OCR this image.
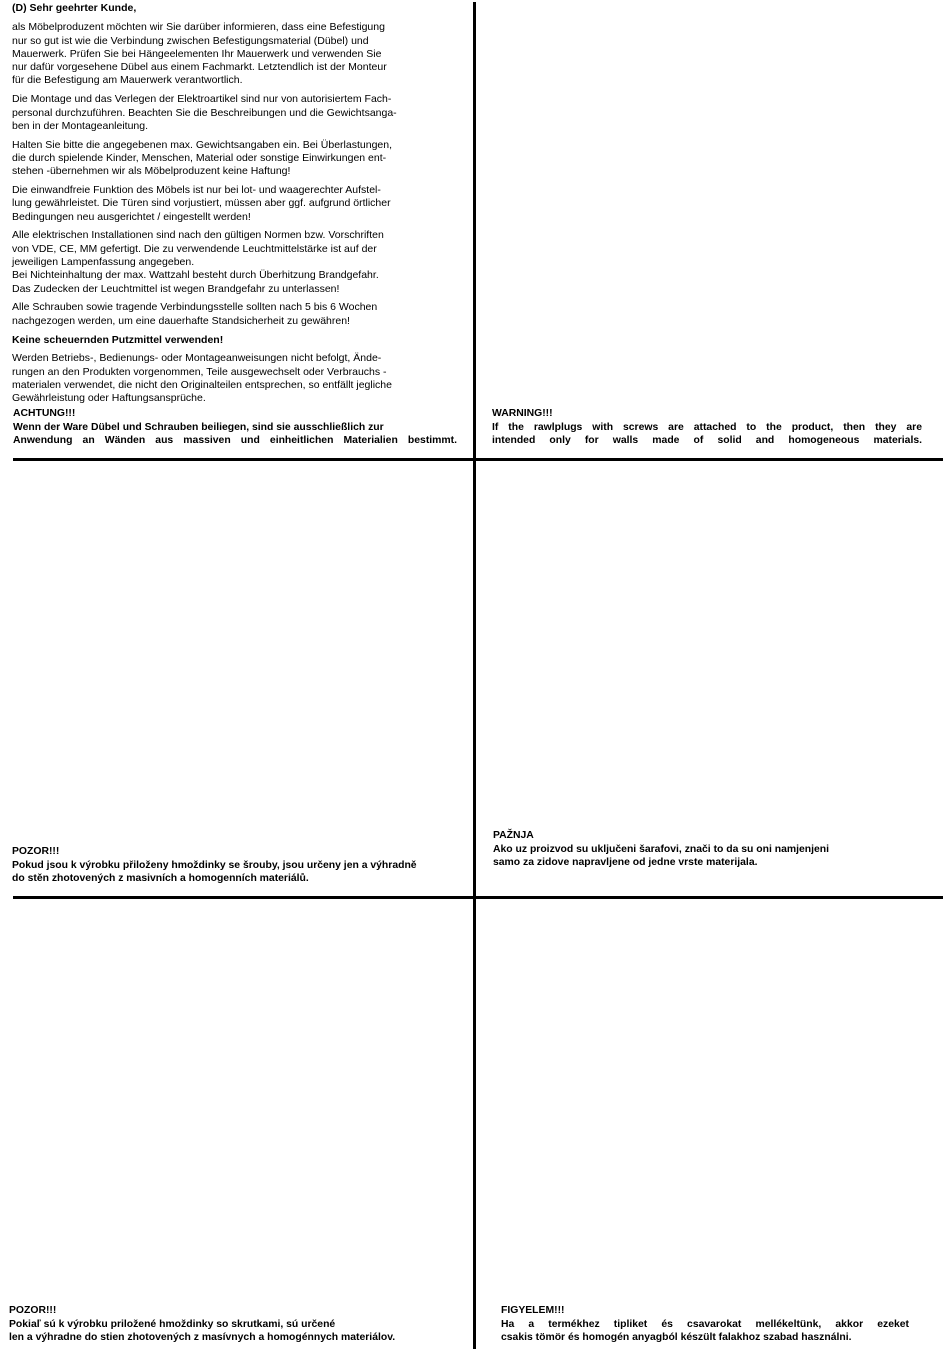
(D) Sehr geehrter Kunde,

als Möbelproduzent möchten wir Sie darüber informieren, dass eine Befestigung
nur so gut ist wie die Verbindung zwischen Befestigungsmaterial (Dübel) und
Mauerwerk. Prüfen Sie bei Hängeelementen Ihr Mauerwerk und verwenden Sie
nur dafür vorgesehene Dübel aus einem Fachmarkt. Letztendlich ist der Monteur
für die Befestigung am Mauerwerk verantwortlich.

Die Montage und das Verlegen der Elektroartikel sind nur von autorisiertem Fach-
personal durchzuführen. Beachten Sie die Beschreibungen und die Gewichtsanga-
ben in der Montageanleitung.

Halten Sie bitte die angegebenen max. Gewichtsangaben ein. Bei Überlastungen,
die durch spielende Kinder, Menschen, Material oder sonstige Einwirkungen ent-
stehen -übernehmen wir als Möbelproduzent keine Haftung!

Die einwandfreie Funktion des Möbels ist nur bei lot- und waagerechter Aufstel-
lung gewährleistet. Die Türen sind vorjustiert, müssen aber ggf. aufgrund örtlicher
Bedingungen neu ausgerichtet / eingestellt werden!

Alle elektrischen Installationen sind nach den gültigen Normen bzw. Vorschriften
von VDE, CE, MM gefertigt. Die zu verwendende Leuchtmittelstärke ist auf der
jeweiligen Lampenfassung angegeben.
Bei Nichteinhaltung der max. Wattzahl besteht durch Überhitzung Brandgefahr.
Das Zudecken der Leuchtmittel ist wegen Brandgefahr zu unterlassen!

Alle Schrauben sowie tragende Verbindungsstelle sollten nach 5 bis 6 Wochen
nachgezogen werden, um eine dauerhafte Standsicherheit zu gewähren!

Keine scheuernden Putzmittel verwenden!

Werden Betriebs-, Bedienungs- oder Montageanweisungen nicht befolgt, Ände-
rungen an den Produkten vorgenommen, Teile ausgewechselt oder Verbrauchs -
materialen verwendet, die nicht den Originalteilen entsprechen, so entfällt jegliche
Gewährleistung oder Haftungsansprüche.

ACHTUNG!!!
Wenn der Ware Dübel und Schrauben beiliegen, sind sie ausschließlich zur
Anwendung an Wänden aus massiven und einheitlichen Materialien bestimmt.
WARNING!!!
If the rawlplugs with screws are attached to the product, then they are
intended only for walls made of solid and homogeneous materials.
POZOR!!!
Pokud jsou k výrobku přiloženy hmoždinky se šrouby, jsou určeny jen a výhradně
do stěn zhotovených z masivních a homogenních materiálů.
PAŽNJA
Ako uz proizvod su uključeni šarafovi, znači to da su oni namjenjeni
samo za zidove napravljene od jedne vrste materijala.
POZOR!!!
Pokiaľ sú k výrobku priložené hmoždinky so skrutkami, sú určené
len a výhradne do stien zhotovených z masívnych a homogénnych materiálov.
FIGYELEM!!!
Ha a termékhez tipliket és csavarokat mellékeltünk, akkor ezeket
csakis tömör és homogén anyagból készült falakhoz szabad használni.
